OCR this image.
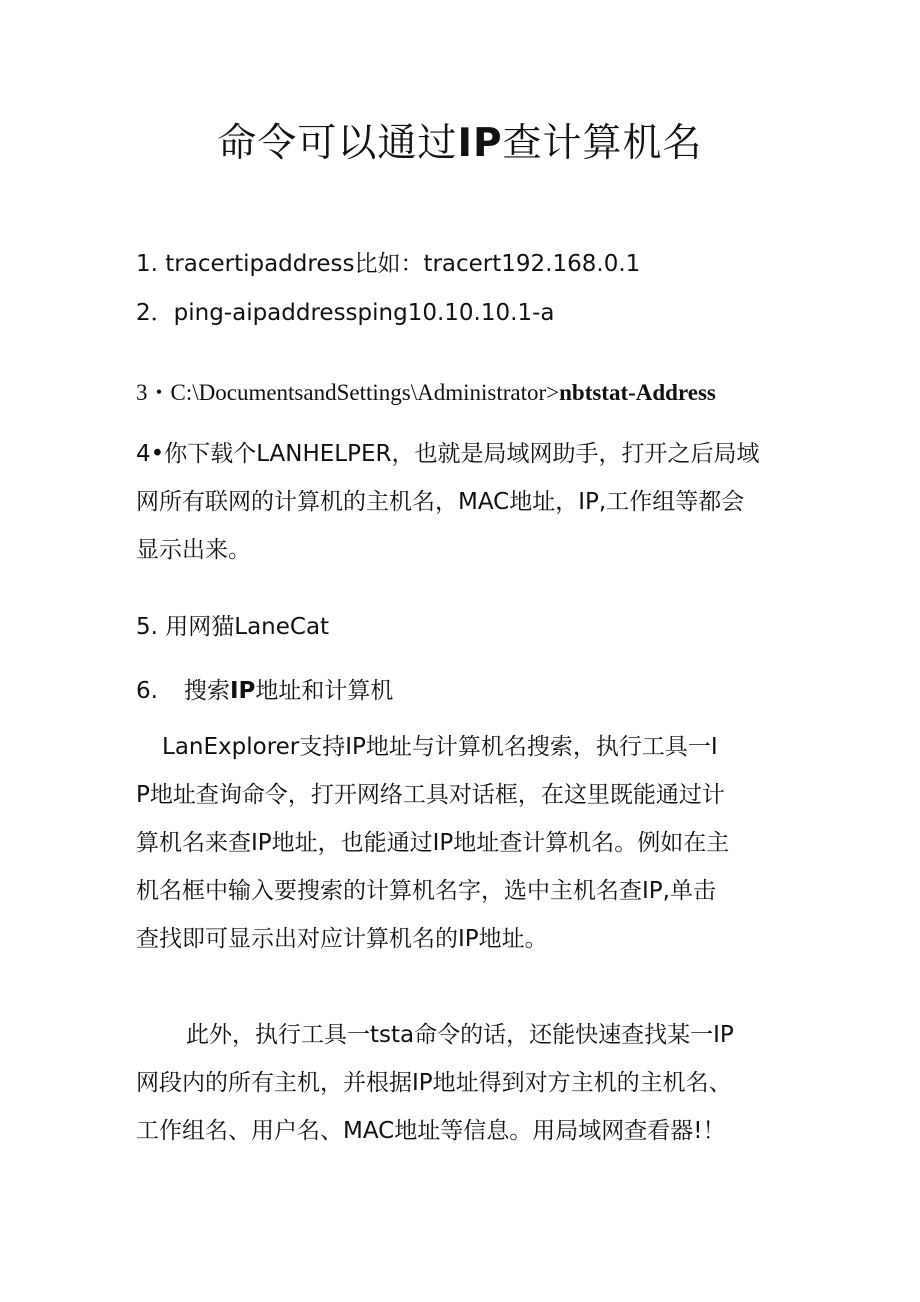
命令可以通过IP查计算机名

1. tracertipaddress比如：tracert192.168.0.1

2．ping-aipaddressping10.10.10.1-a

3・C:\DocumentsandSettings\Administrator>nbtstat-Address

4•你下载个LANHELPER，也就是局域网助手，打开之后局域
网所有联网的计算机的主机名，MAC地址，IP,工作组等都会
显示出来。

5. 用网猫LaneCat

6. 搜索IP地址和计算机

LanExplorer支持IP地址与计算机名搜索，执行工具一I
P地址查询命令，打开网络工具对话框，在这里既能通过计
算机名来查IP地址，也能通过IP地址查计算机名。例如在主
机名框中输入要搜索的计算机名字，选中主机名查IP,单击
查找即可显示出对应计算机名的IP地址。
此外，执行工具一tsta命令的话，还能快速查找某一IP
网段内的所有主机，并根据IP地址得到对方主机的主机名、
工作组名、用户名、MAC地址等信息。用局域网查看器!！
